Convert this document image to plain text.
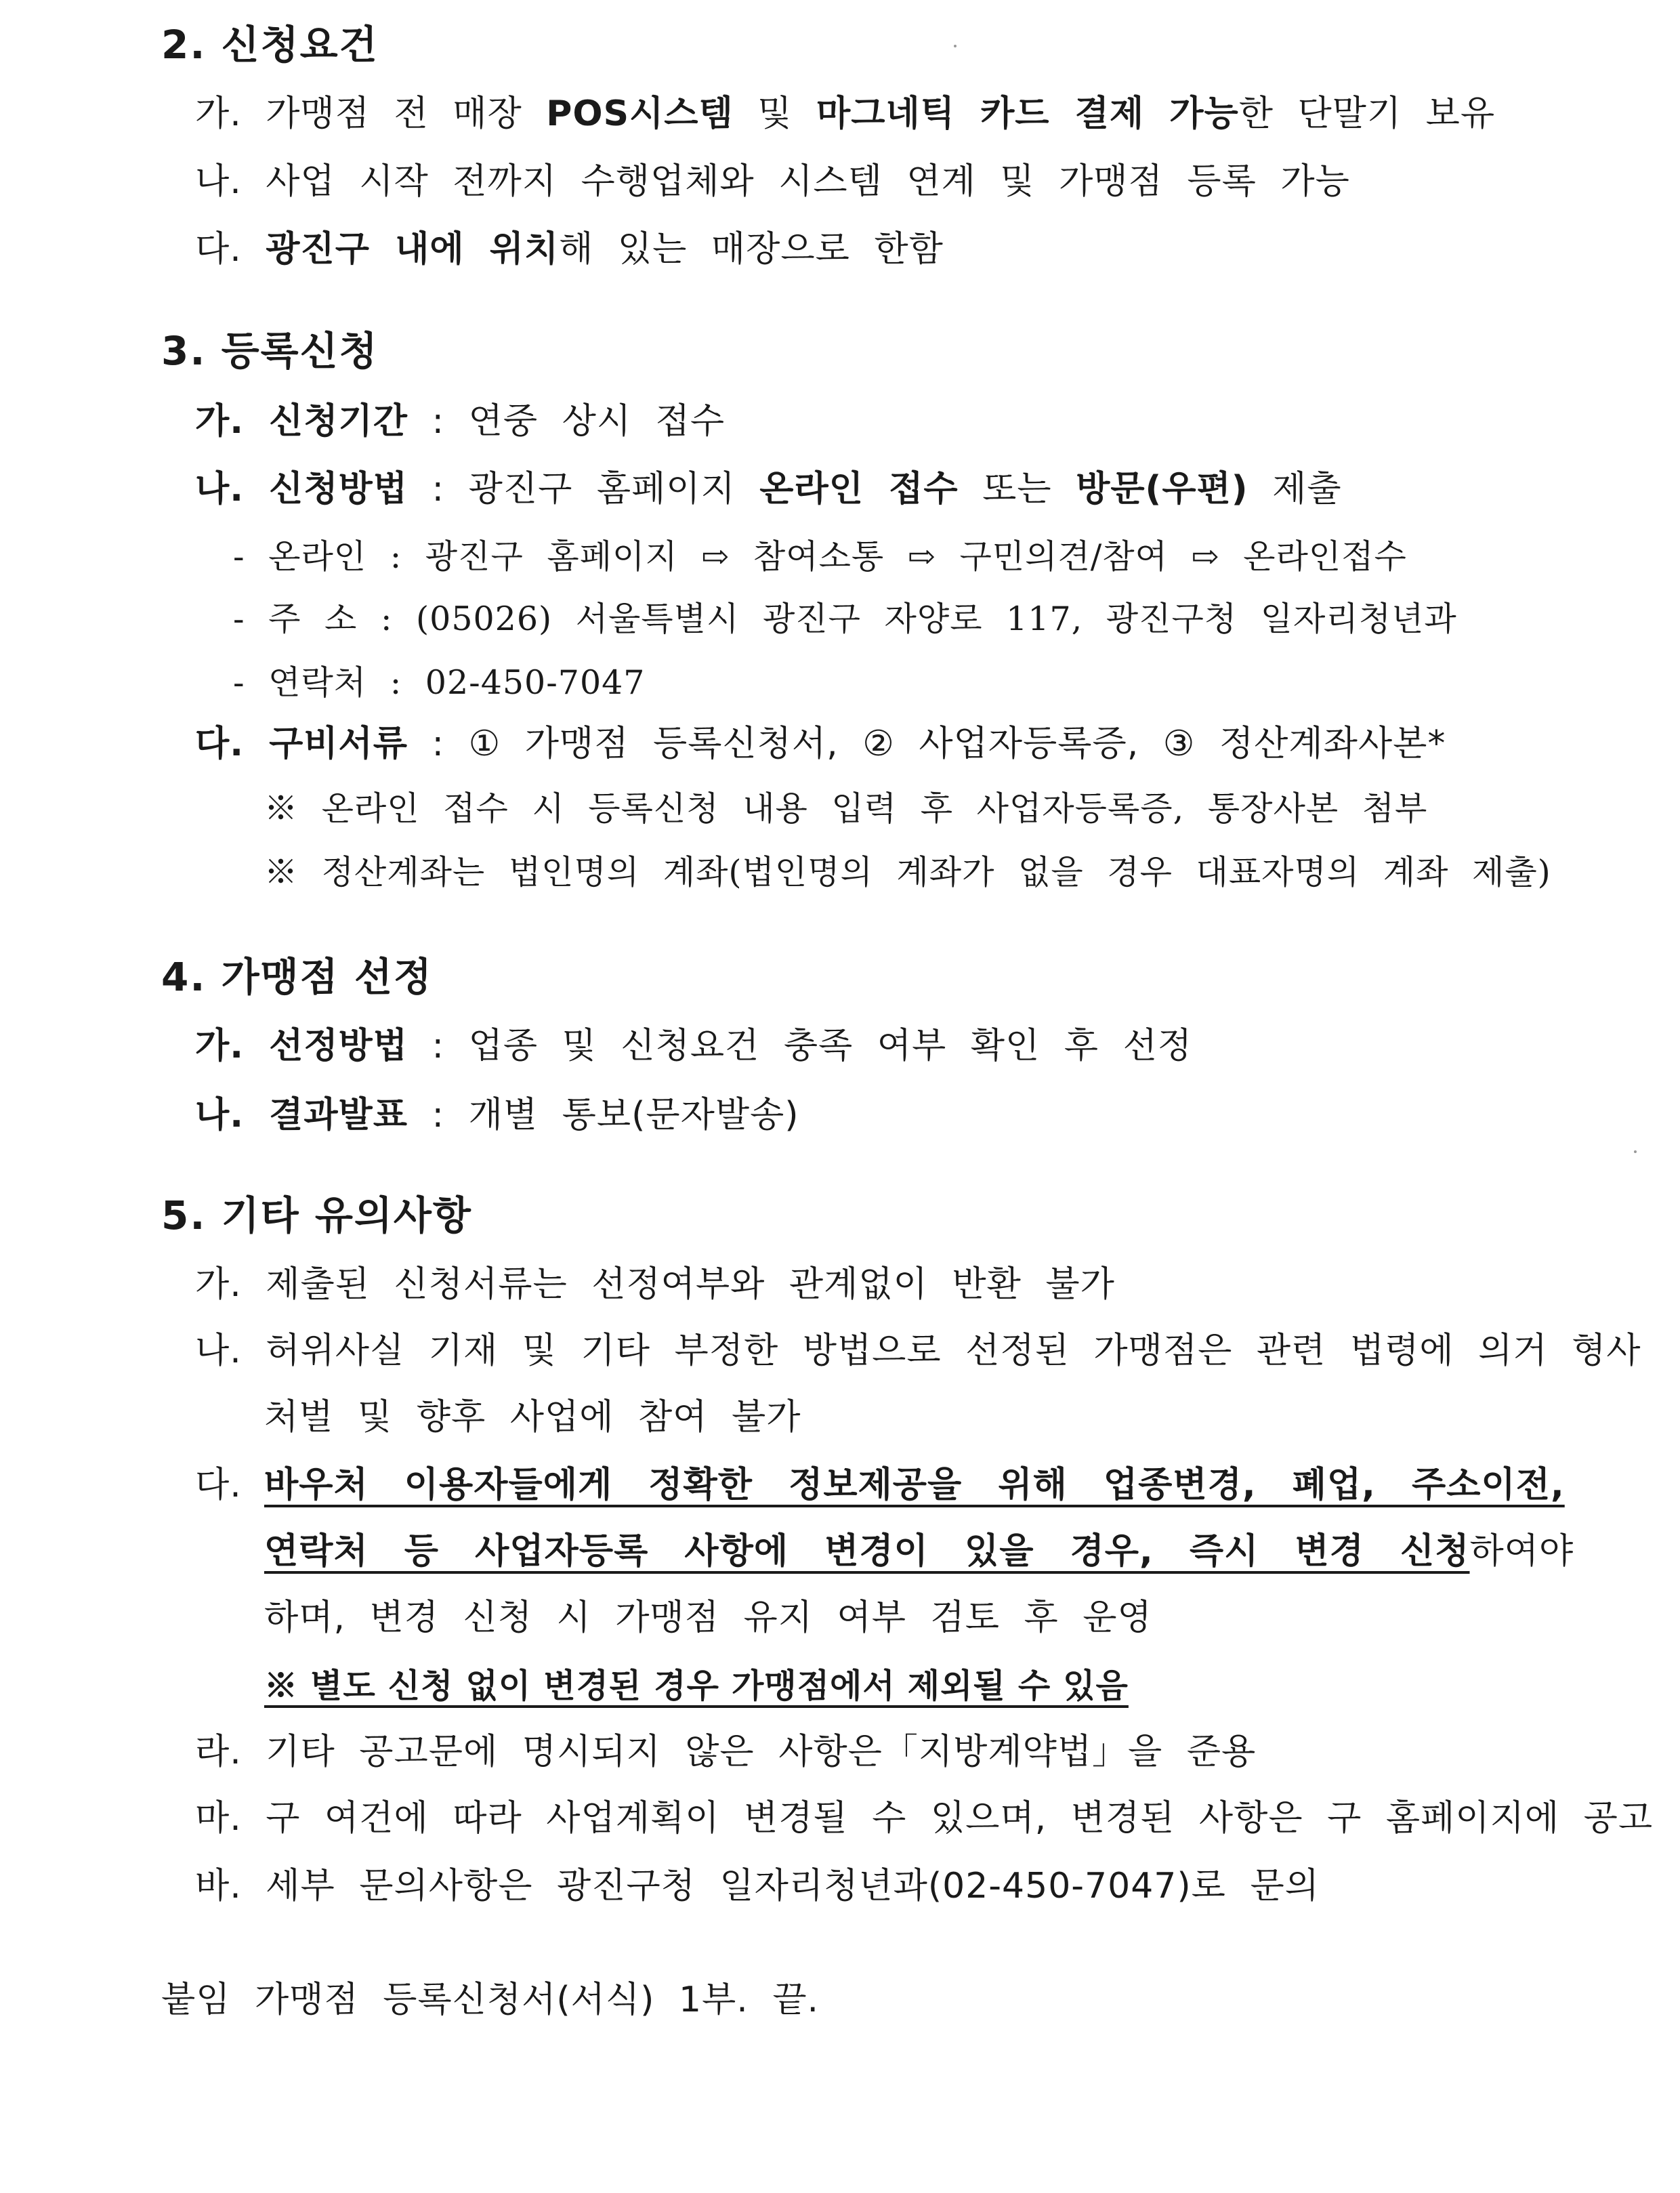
2. 신청요건
가. 가맹점 전 매장 POS시스템 및 마그네틱 카드 결제 가능한 단말기 보유
나. 사업 시작 전까지 수행업체와 시스템 연계 및 가맹점 등록 가능
다. 광진구 내에 위치해 있는 매장으로 한함
3. 등록신청
가. 신청기간 : 연중 상시 접수
나. 신청방법 : 광진구 홈페이지 온라인 접수 또는 방문(우편) 제출
- 온라인 : 광진구 홈페이지 ⇨ 참여소통 ⇨ 구민의견/참여 ⇨ 온라인접수
- 주 소 : (05026) 서울특별시 광진구 자양로 117, 광진구청 일자리청년과
- 연락처 : 02-450-7047
다. 구비서류 : ① 가맹점 등록신청서, ② 사업자등록증, ③ 정산계좌사본*
※ 온라인 접수 시 등록신청 내용 입력 후 사업자등록증, 통장사본 첨부
※ 정산계좌는 법인명의 계좌(법인명의 계좌가 없을 경우 대표자명의 계좌 제출)
4. 가맹점 선정
가. 선정방법 : 업종 및 신청요건 충족 여부 확인 후 선정
나. 결과발표 : 개별 통보(문자발송)
5. 기타 유의사항
가. 제출된 신청서류는 선정여부와 관계없이 반환 불가
나. 허위사실 기재 및 기타 부정한 방법으로 선정된 가맹점은 관련 법령에 의거 형사
처벌 및 향후 사업에 참여 불가
다. 바우처 이용자들에게 정확한 정보제공을 위해 업종변경, 폐업, 주소이전,
연락처 등 사업자등록 사항에 변경이 있을 경우, 즉시 변경 신청하여야
하며, 변경 신청 시 가맹점 유지 여부 검토 후 운영
※ 별도 신청 없이 변경된 경우 가맹점에서 제외될 수 있음
라. 기타 공고문에 명시되지 않은 사항은「지방계약법」을 준용
마. 구 여건에 따라 사업계획이 변경될 수 있으며, 변경된 사항은 구 홈페이지에 공고
바. 세부 문의사항은 광진구청 일자리청년과(02-450-7047)로 문의
붙임 가맹점 등록신청서(서식) 1부. 끝.
